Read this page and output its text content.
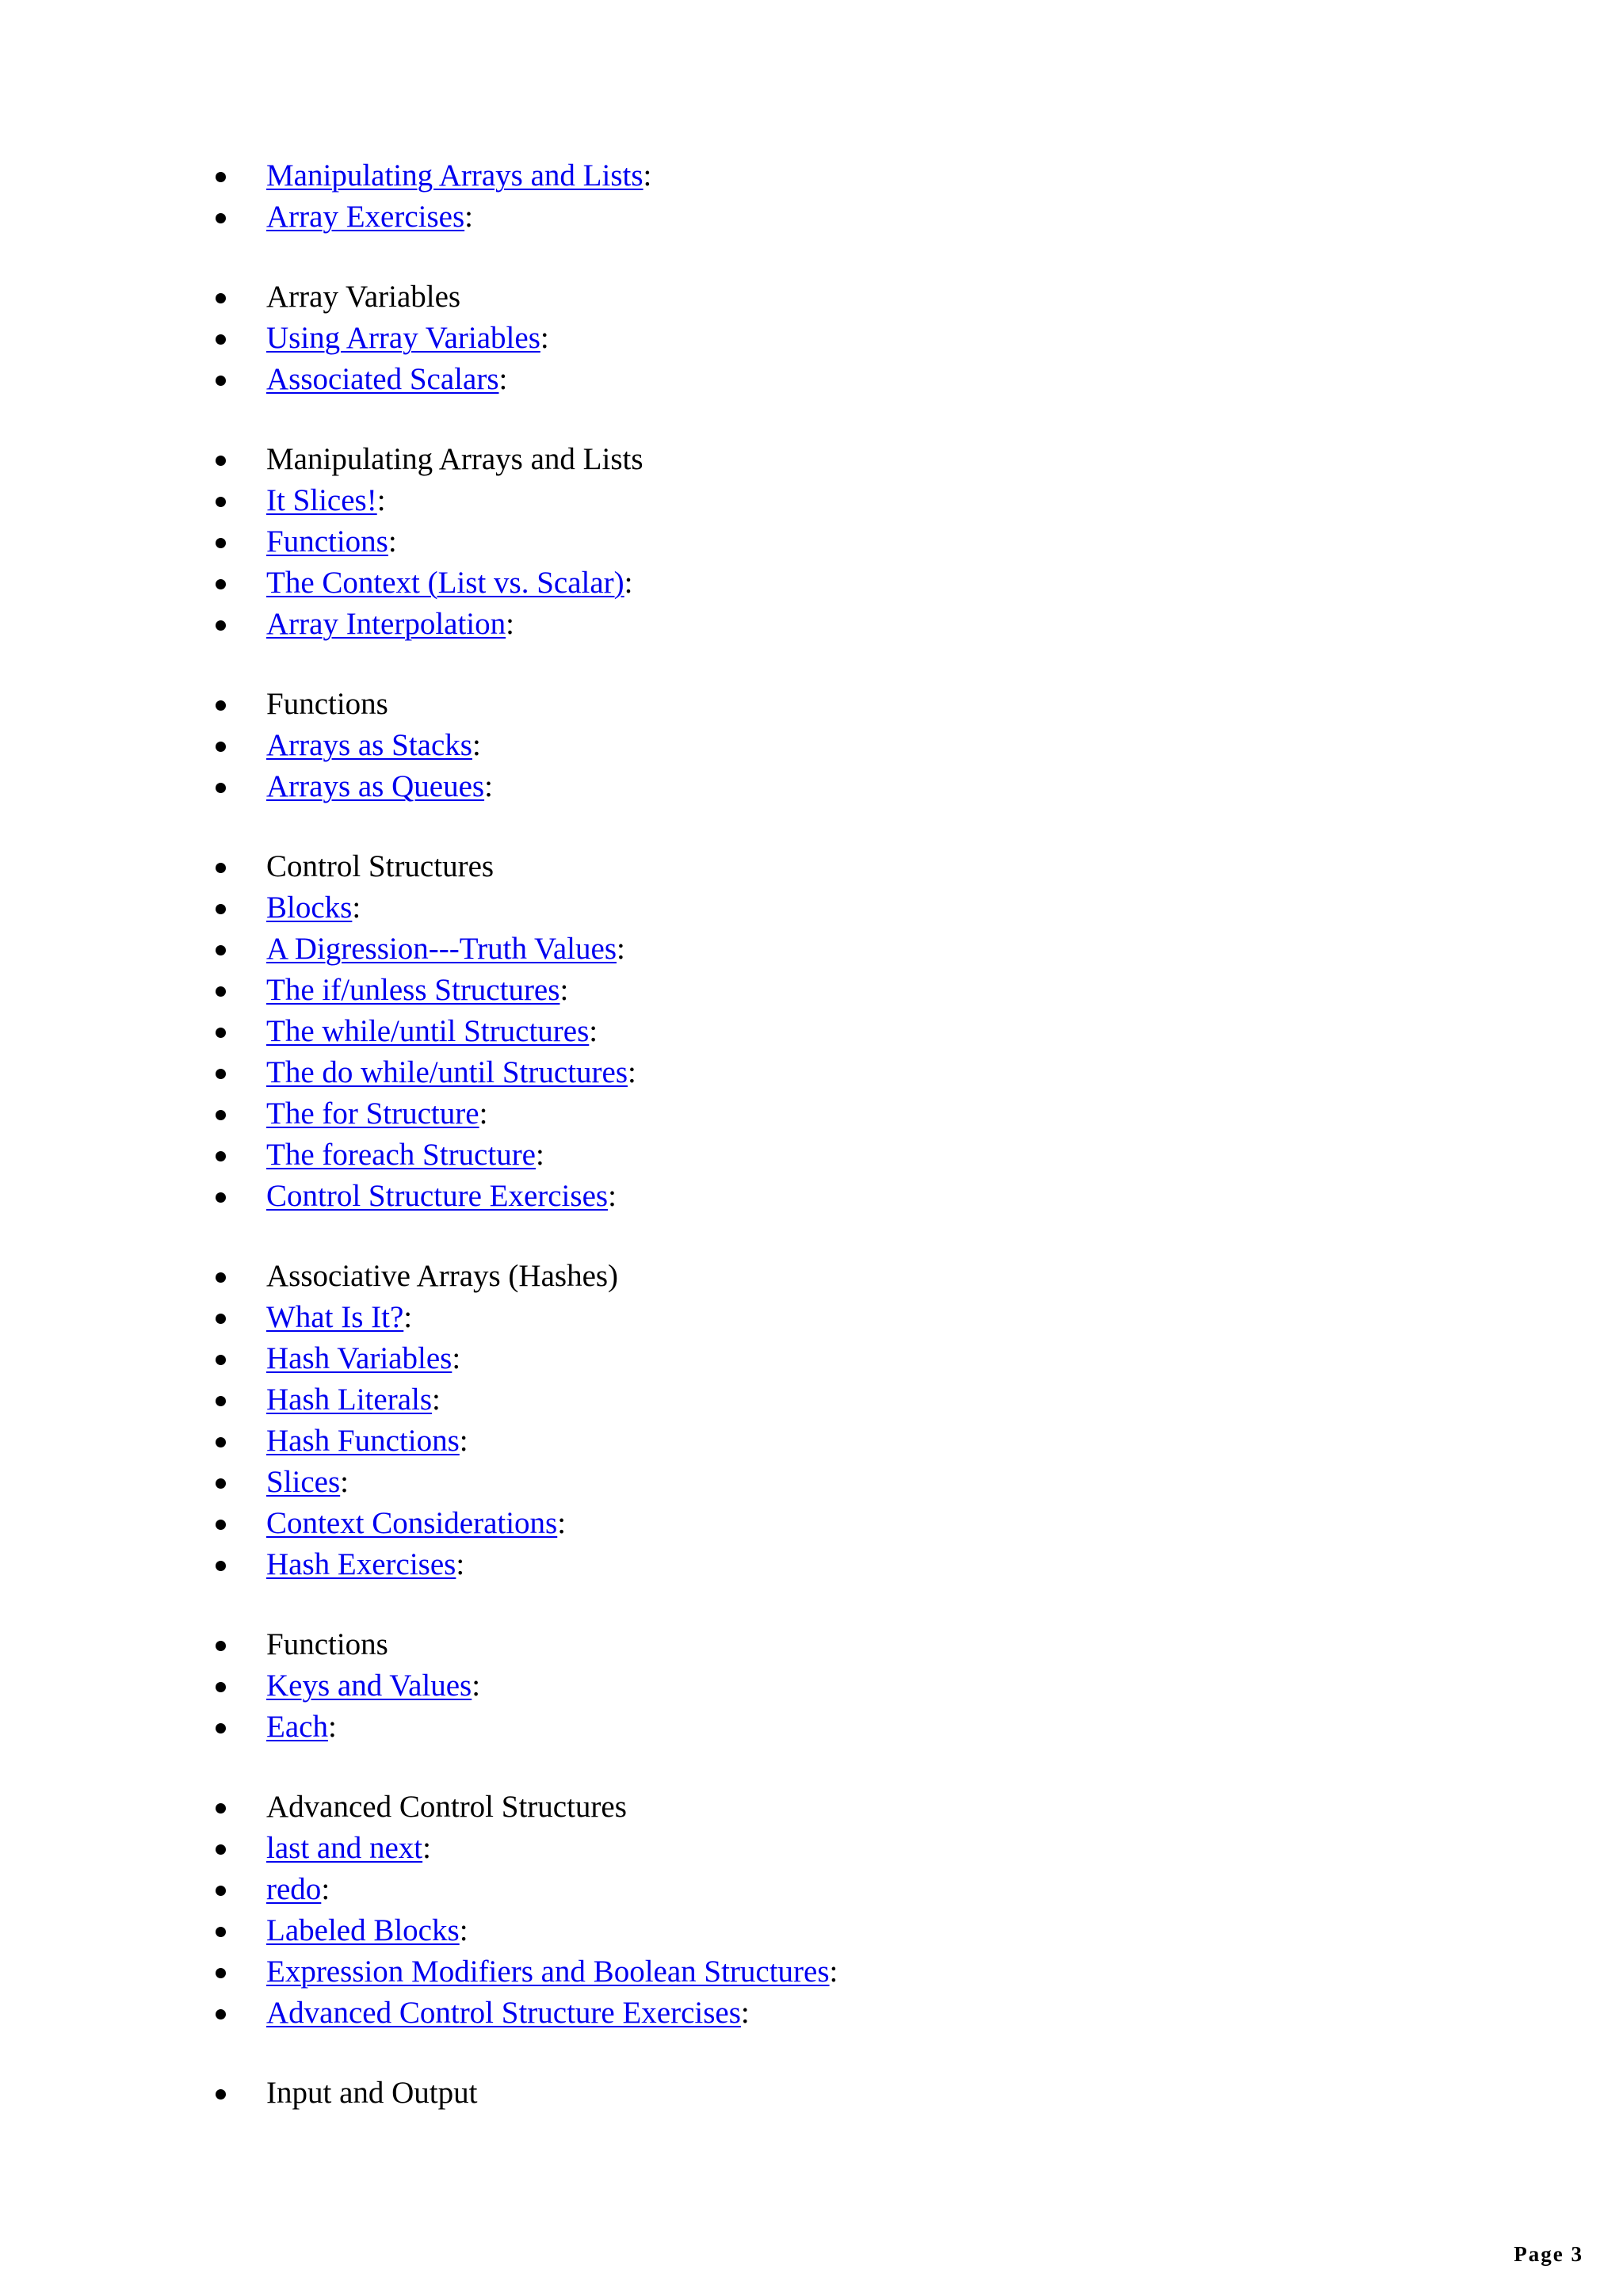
Manipulating Arrays and Lists:
Array Exercises:
Array Variables
Using Array Variables:
Associated Scalars:
Manipulating Arrays and Lists
It Slices!:
Functions:
The Context (List vs. Scalar):
Array Interpolation:
Functions
Arrays as Stacks:
Arrays as Queues:
Control Structures
Blocks:
A Digression---Truth Values:
The if/unless Structures:
The while/until Structures:
The do while/until Structures:
The for Structure:
The foreach Structure:
Control Structure Exercises:
Associative Arrays (Hashes)
What Is It?:
Hash Variables:
Hash Literals:
Hash Functions:
Slices:
Context Considerations:
Hash Exercises:
Functions
Keys and Values:
Each:
Advanced Control Structures
last and next:
redo:
Labeled Blocks:
Expression Modifiers and Boolean Structures:
Advanced Control Structure Exercises:
Input and Output
Page 3
